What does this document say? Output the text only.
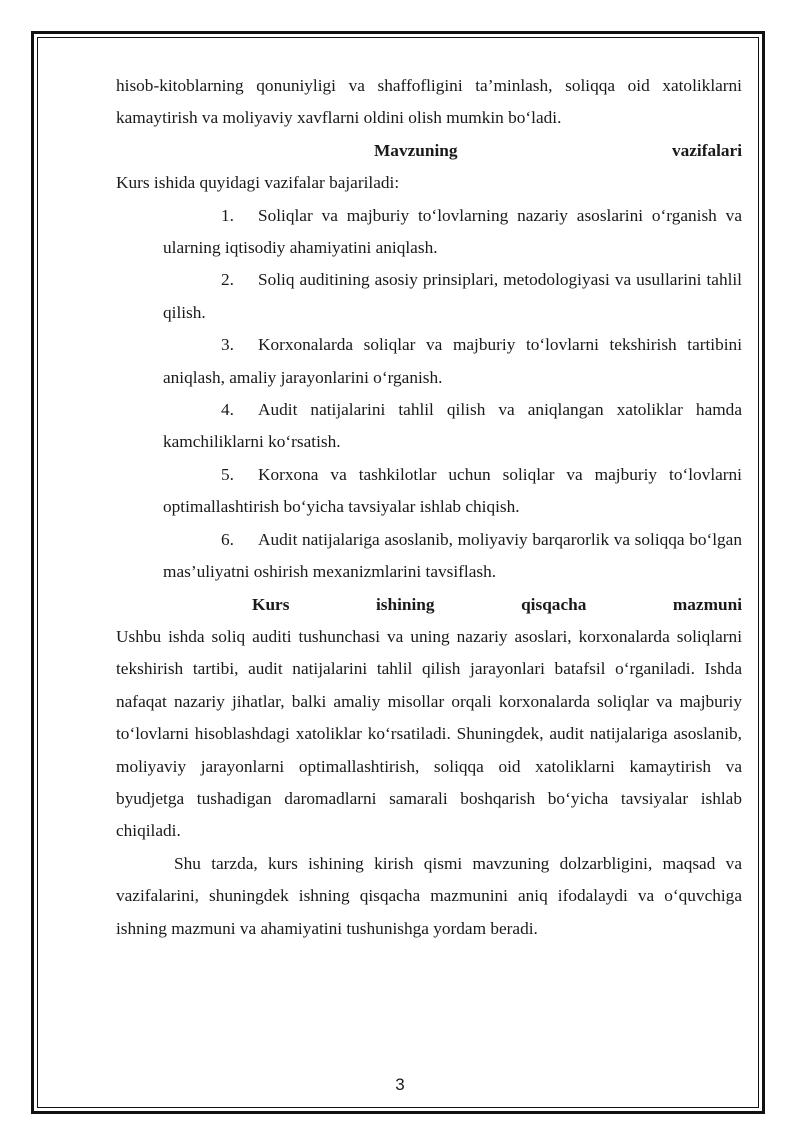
hisob-kitoblarning qonuniyligi va shaffofligini ta’minlash, soliqqa oid xatoliklarni kamaytirish va moliyaviy xavflarni oldini olish mumkin bo‘ladi.

Mavzuning	vazifalari

Kurs ishida quyidagi vazifalar bajariladi:

1. Soliqlar va majburiy to‘lovlarning nazariy asoslarini o‘rganish va ularning iqtisodiy ahamiyatini aniqlash.

2. Soliq auditining asosiy prinsiplari, metodologiyasi va usullarini tahlil qilish.

3. Korxonalarda soliqlar va majburiy to‘lovlarni tekshirish tartibini aniqlash, amaliy jarayonlarini o‘rganish.

4. Audit natijalarini tahlil qilish va aniqlangan xatoliklar hamda kamchiliklarni ko‘rsatish.

5. Korxona va tashkilotlar uchun soliqlar va majburiy to‘lovlarni optimallashtirish bo‘yicha tavsiyalar ishlab chiqish.

6. Audit natijalariga asoslanib, moliyaviy barqarorlik va soliqqa bo‘lgan mas’uliyatni oshirish mexanizmlarini tavsiflash.

Kurs	ishining	qisqacha	mazmuni

Ushbu ishda soliq auditi tushunchasi va uning nazariy asoslari, korxonalarda soliqlarni tekshirish tartibi, audit natijalarini tahlil qilish jarayonlari batafsil o‘rganiladi. Ishda nafaqat nazariy jihatlar, balki amaliy misollar orqali korxonalarda soliqlar va majburiy to‘lovlarni hisoblashdagi xatoliklar ko‘rsatiladi. Shuningdek, audit natijalariga asoslanib, moliyaviy jarayonlarni optimallashtirish, soliqqa oid xatoliklarni kamaytirish va byudjetga tushadigan daromadlarni samarali boshqarish bo‘yicha tavsiyalar ishlab chiqiladi.

Shu tarzda, kurs ishining kirish qismi mavzuning dolzarbligini, maqsad va vazifalarini, shuningdek ishning qisqacha mazmunini aniq ifodalaydi va o‘quvchiga ishning mazmuni va ahamiyatini tushunishga yordam beradi.

3
